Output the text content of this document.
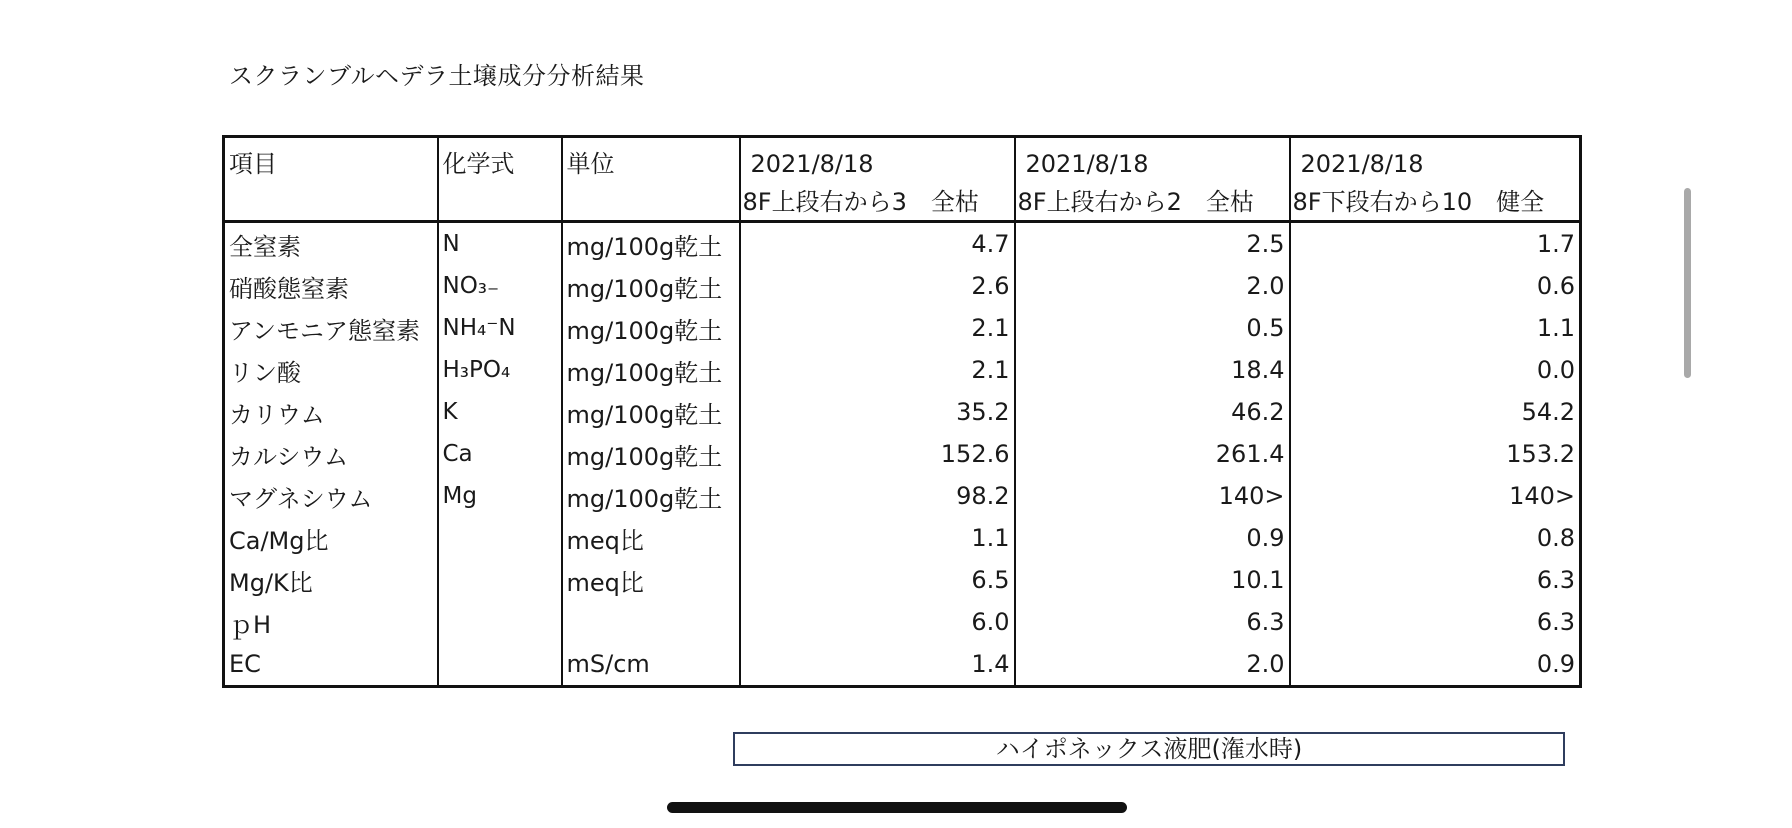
スクランブルヘデラ土壌成分分析結果
項目	化学式	単位	2021/8/18	2021/8/18	2021/8/18
			8F上段右から3　全枯	8F上段右から2　全枯	8F下段右から10　健全
全窒素	N	mg/100g乾土	4.7	2.5	1.7
硝酸態窒素	NO₃₋	mg/100g乾土	2.6	2.0	0.6
アンモニア態窒素	NH₄⁻N	mg/100g乾土	2.1	0.5	1.1
リン酸	H₃PO₄	mg/100g乾土	2.1	18.4	0.0
カリウム	K	mg/100g乾土	35.2	46.2	54.2
カルシウム	Ca	mg/100g乾土	152.6	261.4	153.2
マグネシウム	Mg	mg/100g乾土	98.2	140>	140>
Ca/Mg比		meq比	1.1	0.9	0.8
Mg/K比		meq比	6.5	10.1	6.3
ｐH			6.0	6.3	6.3
EC		mS/cm	1.4	2.0	0.9
ハイポネックス液肥(潅水時)
